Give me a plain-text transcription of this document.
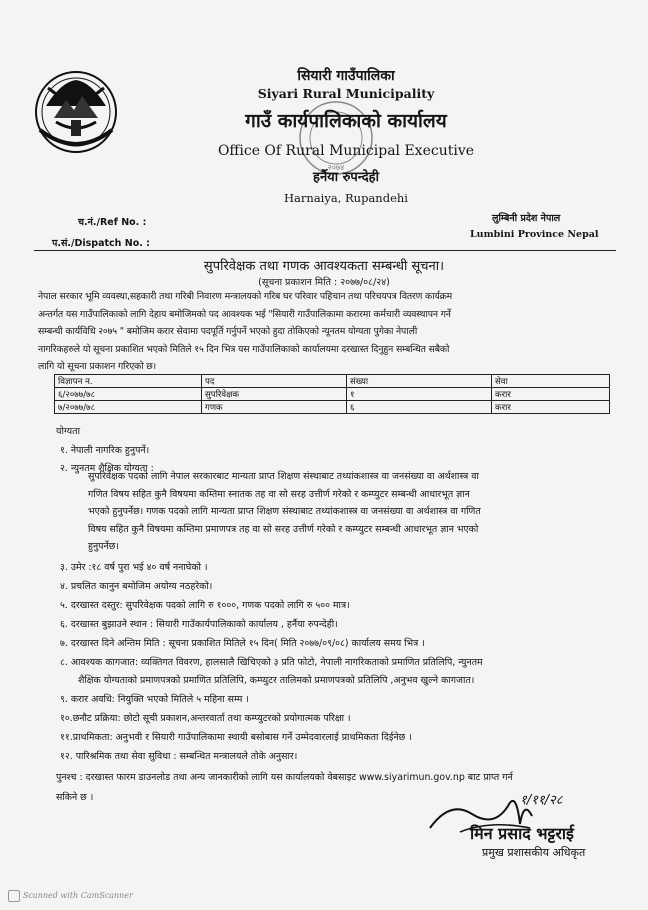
२०७४
सियारी गाउँपालिका
Siyari Rural Municipality
गाउँ कार्यपालिकाको कार्यालय
Office Of Rural Municipal Executive
हर्नैया रुपन्देही
Harnaiya, Rupandehi
च.नं./Ref No. :
प.सं./Dispatch No. :
लुम्बिनी प्रदेश नेपाल
Lumbini Province Nepal
सुपरिवेक्षक तथा गणक आवश्यकता सम्बन्धी सूचना।
(सूचना प्रकाशन मिति : २०७७/०८/२४)
नेपाल सरकार भूमि व्यवस्था,सहकारी तथा गरिबी निवारण मन्त्रालयको गरिब घर परिवार पहिचान तथा परिचयपत्र वितरण कार्यक्रम
अन्तर्गत यस गाउँपालिकाको लागि देहाय बमोजिमको पद आवश्यक भई "सियारी गाउँपालिकामा करारमा कर्मचारी व्यवस्थापन गर्ने
सम्बन्धी कार्यविधि २०७५ " बमोजिम करार सेवामा पदपूर्ति गर्नुपर्ने भएको हुदा तोकिएको न्यूनतम योग्यता पुगेका नेपाली
नागरिकहरुले यो सूचना प्रकाशित भएको मितिले १५ दिन भित्र यस गाउँपालिकाको कार्यालयमा दरखास्त दिनुहुन सम्बन्धित सबैको
लागि यो सूचना प्रकाशन गरिएको छ।
विज्ञापन न.	पद	संख्या	सेवा
६/२०७७/७८	सुपरिवेक्षक	१	करार
७/२०७७/७८	गणक	६	करार
योग्यता
१. नेपाली नागरिक हुनुपर्ने।
२. न्युनतम शैक्षिक योग्यता :
सुपरिवेक्षक पदको लागि नेपाल सरकारबाट मान्यता प्राप्त शिक्षण संस्थाबाट तथ्यांकशास्त्र वा जनसंख्या वा अर्थशास्त्र वा
गणित विषय सहित कुनै विषयमा कम्तिमा स्नातक तह वा सो सरह उत्तीर्ण गरेको र कम्प्युटर सम्बन्धी आधारभूत ज्ञान
भएको हुनुपर्नेछ। गणक पदको लागि मान्यता प्राप्त शिक्षण संस्थाबाट तथ्यांकशास्त्र वा जनसंख्या वा अर्थशास्त्र वा गणित
विषय सहित कुनै विषयमा कम्तिमा प्रमाणपत्र तह वा सो सरह उत्तीर्ण गरेको र कम्प्युटर सम्बन्धी आधारभूत ज्ञान भएको
हुनुपर्नेछ।
३. उमेर :१८ वर्ष पुरा भई ४० वर्ष ननाघेको ।
४. प्रचलित कानुन बमोजिम अयोग्य नठहरेको।
५. दरखास्त दस्तुर: सुपरिवेक्षक पदको लागि रु १०००, गणक पदको लागि रु ५०० मात्र।
६. दरखास्त बुझाउने स्थान : सियारी गाउँकार्यपालिकाको कार्यालय , हर्नैया रुपन्देही।
७. दरखास्त दिने अन्तिम मिति : सूचना प्रकाशित मितिले १५ दिन( मिति २०७७/०९/०८) कार्यालय समय भित्र ।
८. आवश्यक कागजात: व्यक्तिगत विवरण, हालसालै खिचिएको ३ प्रति फोटो, नेपाली नागरिकताको प्रमाणित प्रतिलिपि, न्युनतम
शैक्षिक योग्यताको प्रमाणपत्रको प्रमाणित प्रतिलिपि, कम्प्युटर तालिमको प्रमाणपत्रको प्रतिलिपि ,अनुभव खुल्ने कागजात।
९. करार अवधि: नियुक्ति भएको मितिले ५ महिना सम्म ।
१०.छनौट प्रक्रिया: छोटो सूची प्रकाशन,अन्तरवार्ता तथा कम्प्युटरको प्रयोगात्मक परिक्षा ।
११.प्राथमिकता: अनुभवी र सियारी गाउँपालिकामा स्थायी बसोबास गर्ने उम्मेदवारलाई प्राथमिकता दिईनेछ ।
१२. पारिश्रमिक तथा सेवा सुविधा : सम्बन्धित मन्त्रालयले तोके अनुसार।
पुनश्च : दरखास्त फारम डाउनलोड तथा अन्य जानकारीको लागि यस कार्यालयको वेबसाइट www.siyarimun.gov.np बाट प्राप्त गर्न
सकिने छ ।	१/११/२८
मिन प्रसाद भट्टराई
प्रमुख प्रशासकीय अधिकृत
Scanned with CamScanner
